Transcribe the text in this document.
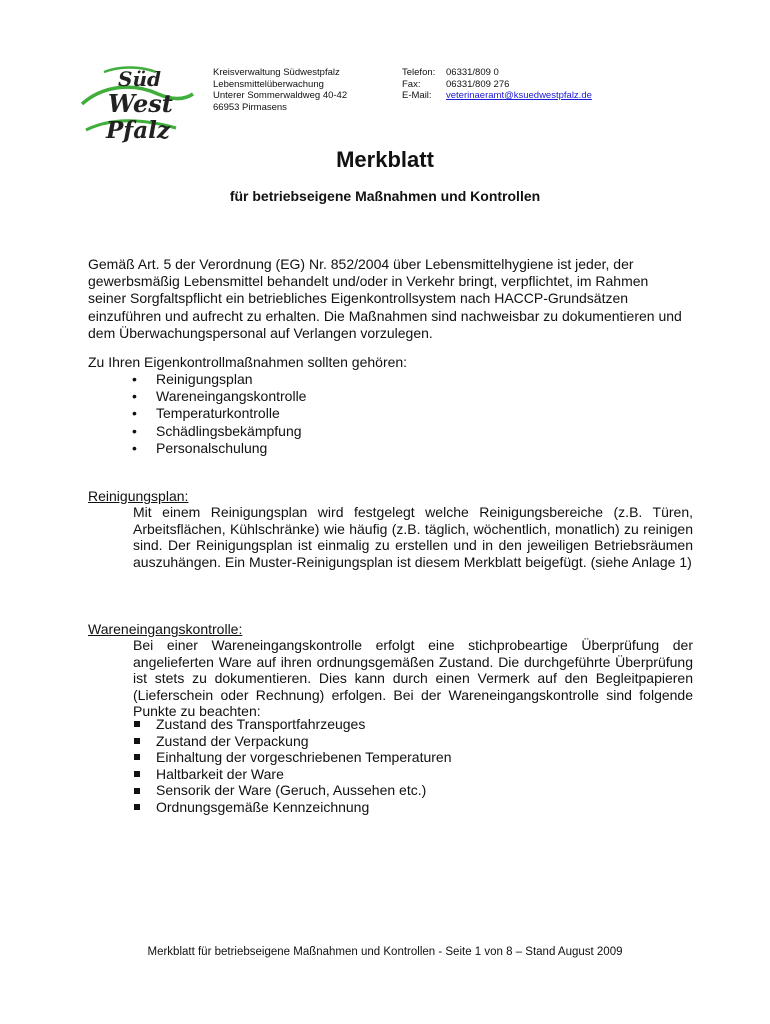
Süd
West
Pfalz
Kreisverwaltung Südwestpfalz
Lebensmittelüberwachung
Unterer Sommerwaldweg 40-42
66953 Pirmasens
Telefon:	06331/809 0
Fax:	06331/809 276
E-Mail:	veterinaeramt@ksuedwestpfalz.de
Merkblatt
für betriebseigene Maßnahmen und Kontrollen
Gemäß Art. 5 der Verordnung (EG) Nr. 852/2004 über Lebensmittelhygiene ist jeder, der gewerbsmäßig Lebensmittel behandelt und/oder in Verkehr bringt, verpflichtet, im Rahmen seiner Sorgfaltspflicht ein betriebliches Eigenkontrollsystem nach HACCP-Grundsätzen einzuführen und aufrecht zu erhalten. Die Maßnahmen sind nachweisbar zu dokumentieren und dem Überwachungspersonal auf Verlangen vorzulegen.
Zu Ihren Eigenkontrollmaßnahmen sollten gehören:
•	Reinigungsplan
•	Wareneingangskontrolle
•	Temperaturkontrolle
•	Schädlingsbekämpfung
•	Personalschulung
Reinigungsplan:
Mit einem Reinigungsplan wird festgelegt welche Reinigungsbereiche (z.B. Türen, Arbeitsflächen, Kühlschränke) wie häufig (z.B. täglich, wöchentlich, monatlich) zu reinigen sind. Der Reinigungsplan ist einmalig zu erstellen und in den jeweiligen Betriebsräumen auszuhängen. Ein Muster-Reinigungsplan ist diesem Merkblatt beigefügt. (siehe Anlage 1)
Wareneingangskontrolle:
Bei einer Wareneingangskontrolle erfolgt eine stichprobeartige Überprüfung der angelieferten Ware auf ihren ordnungsgemäßen Zustand. Die durchgeführte Überprüfung ist stets zu dokumentieren. Dies kann durch einen Vermerk auf den Begleitpapieren (Lieferschein oder Rechnung) erfolgen. Bei der Wareneingangskontrolle sind folgende Punkte zu beachten:
Zustand des Transportfahrzeuges
Zustand der Verpackung
Einhaltung der vorgeschriebenen Temperaturen
Haltbarkeit der Ware
Sensorik der Ware (Geruch, Aussehen etc.)
Ordnungsgemäße Kennzeichnung
Merkblatt für betriebseigene Maßnahmen und Kontrollen - Seite 1 von 8 – Stand August 2009
